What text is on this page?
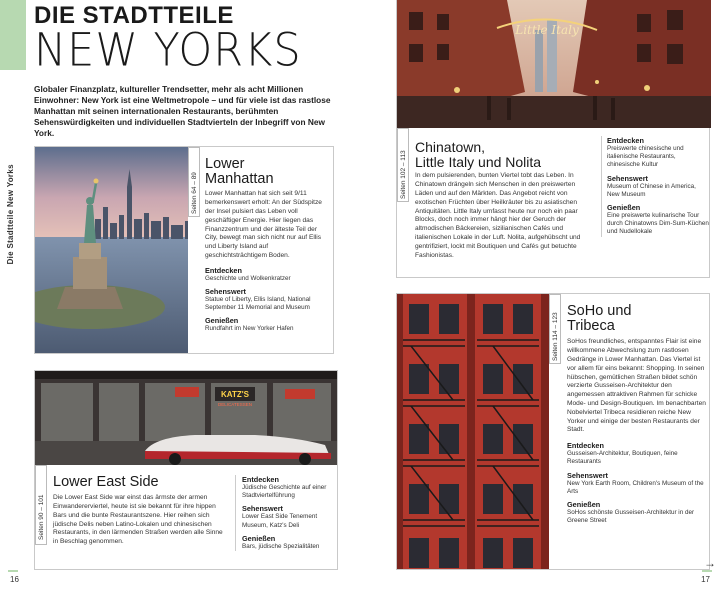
Die Stadtteile New Yorks
DIE STADTTEILE
NEW YORKS
Globaler Finanzplatz, kultureller Trendsetter, mehr als acht Millionen Einwohner: New York ist eine Weltmetropole – und für viele ist das rastlose Manhattan mit seinen internationalen Restaurants, berühmten Sehenswürdigkeiten und individuellen Stadtvierteln der Inbegriff von New York.
Seiten 64 – 89
Lower
Manhattan

Lower Manhattan hat sich seit 9/11 bemerkenswert erholt: An der Südspitze der Insel pulsiert das Leben voll geschäftiger Energie. Hier liegen das Finanzzentrum und der älteste Teil der City, bewegt man sich nicht nur auf Ellis und Liberty Island auf geschichtsträchtigem Boden.

Entdecken
Geschichte und Wolkenkratzer
Sehenswert
Statue of Liberty, Ellis Island, National September 11 Memorial and Museum
Genießen
Rundfahrt im New Yorker Hafen
KATZ'S
DELICATESSEN
Seiten 90 – 101
Lower East Side

Die Lower East Side war einst das ärmste der armen Einwandererviertel, heute ist sie bekannt für ihre hippen Bars und die bunte Restaurantszene. Hier reihen sich jüdische Delis neben Latino-Lokalen und chinesischen Restaurants, in den lärmenden Straßen werden alle Sinne in Beschlag genommen.

Entdecken
Jüdische Geschichte auf einer Stadtviertelführung
Sehenswert
Lower East Side Tenement Museum, Katz's Deli
Genießen
Bars, jüdische Spezialitäten
16
Little Italy
Seiten 102 – 113
Chinatown,
Little Italy und Nolita

In dem pulsierenden, bunten Viertel tobt das Leben. In Chinatown drängeln sich Menschen in den preiswerten Läden und auf den Märkten. Das Angebot reicht von exotischen Früchten über Heilkräuter bis zu asiatischen Antiquitäten. Little Italy umfasst heute nur noch ein paar Blocks, doch noch immer hängt hier der Geruch der altmodischen Bäckereien, sizilianischen Cafés und italienischen Lokale in der Luft. Nolita, aufgehübscht und gentrifiziert, lockt mit Boutiquen und Cafés gut betuchte Fashionistas.

Entdecken
Preiswerte chinesische und italienische Restaurants, chinesische Kultur
Sehenswert
Museum of Chinese in America, New Museum
Genießen
Eine preiswerte kulinarische Tour durch Chinatowns Dim-Sum-Küchen und Nudellokale
Seiten 114 – 123
SoHo und
Tribeca

SoHos freundliches, entspanntes Flair ist eine willkommene Abwechslung zum rastlosen Gedränge in Lower Manhattan. Das Viertel ist vor allem für eins bekannt: Shopping. In seinen hübschen, gemütlichen Straßen bildet schön verzierte Gusseisen-Architektur den angemessen attraktiven Rahmen für schicke Mode- und Design-Boutiquen. Im benachbarten Nobelviertel Tribeca residieren reiche New Yorker und einige der besten Restaurants der Stadt.

Entdecken
Gusseisen-Architektur, Boutiquen, feine Restaurants
Sehenswert
New York Earth Room, Children's Museum of the Arts
Genießen
SoHos schönste Gusseisen-Architektur in der Greene Street
→
17
